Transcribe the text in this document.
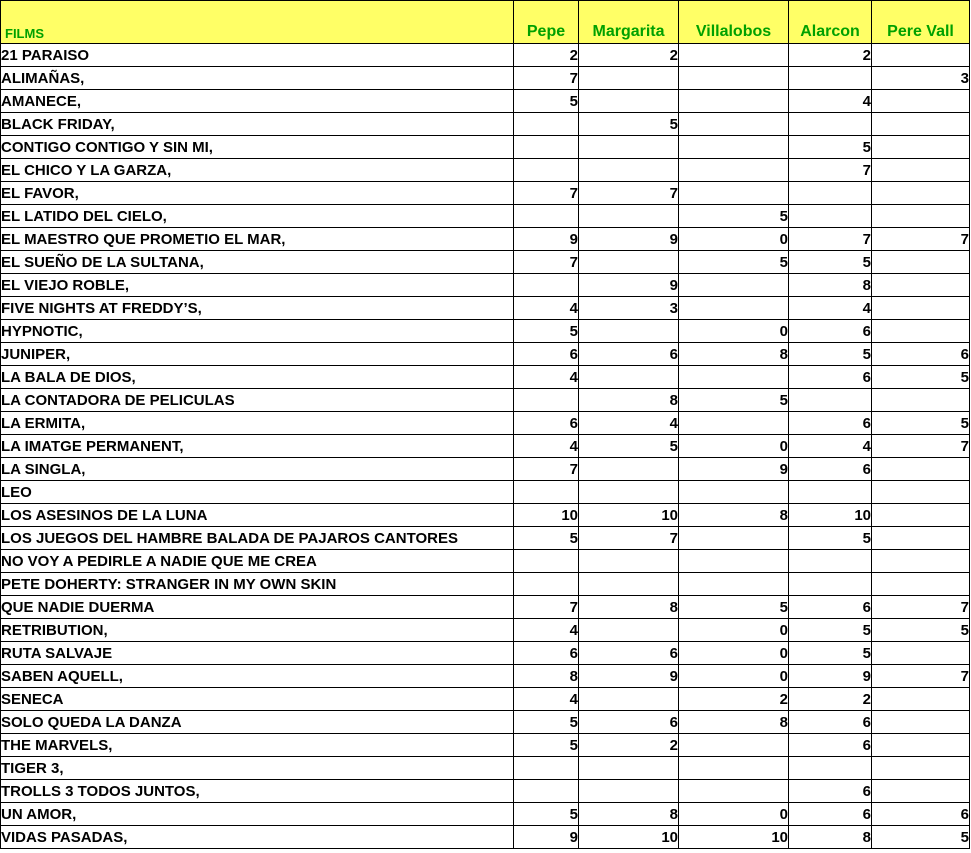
FILMS	Pepe	Margarita	Villalobos	Alarcon	Pere Vall
21 PARAISO	2	2		2	
ALIMAÑAS,	7				3
AMANECE,	5			4	
BLACK FRIDAY,		5			
CONTIGO CONTIGO Y SIN MI,				5	
EL CHICO Y LA GARZA,				7	
EL FAVOR,	7	7			
EL LATIDO DEL CIELO,			5		
EL MAESTRO QUE PROMETIO EL MAR,	9	9	0	7	7
EL SUEÑO DE LA SULTANA,	7		5	5	
EL VIEJO ROBLE,		9		8	
FIVE NIGHTS AT FREDDY’S,	4	3		4	
HYPNOTIC,	5		0	6	
JUNIPER,	6	6	8	5	6
LA BALA DE DIOS,	4			6	5
LA CONTADORA DE PELICULAS		8	5		
LA ERMITA,	6	4		6	5
LA IMATGE PERMANENT,	4	5	0	4	7
LA SINGLA,	7		9	6	
LEO					
LOS ASESINOS DE LA LUNA	10	10	8	10	
LOS JUEGOS DEL HAMBRE BALADA DE PAJAROS CANTORES	5	7		5	
NO VOY A PEDIRLE A NADIE QUE ME CREA					
PETE DOHERTY: STRANGER IN MY OWN SKIN					
QUE NADIE DUERMA	7	8	5	6	7
RETRIBUTION,	4		0	5	5
RUTA SALVAJE	6	6	0	5	
SABEN AQUELL,	8	9	0	9	7
SENECA	4		2	2	
SOLO QUEDA LA DANZA	5	6	8	6	
THE MARVELS,	5	2		6	
TIGER 3,					
TROLLS 3 TODOS JUNTOS,				6	
UN AMOR,	5	8	0	6	6
VIDAS PASADAS,	9	10	10	8	5
